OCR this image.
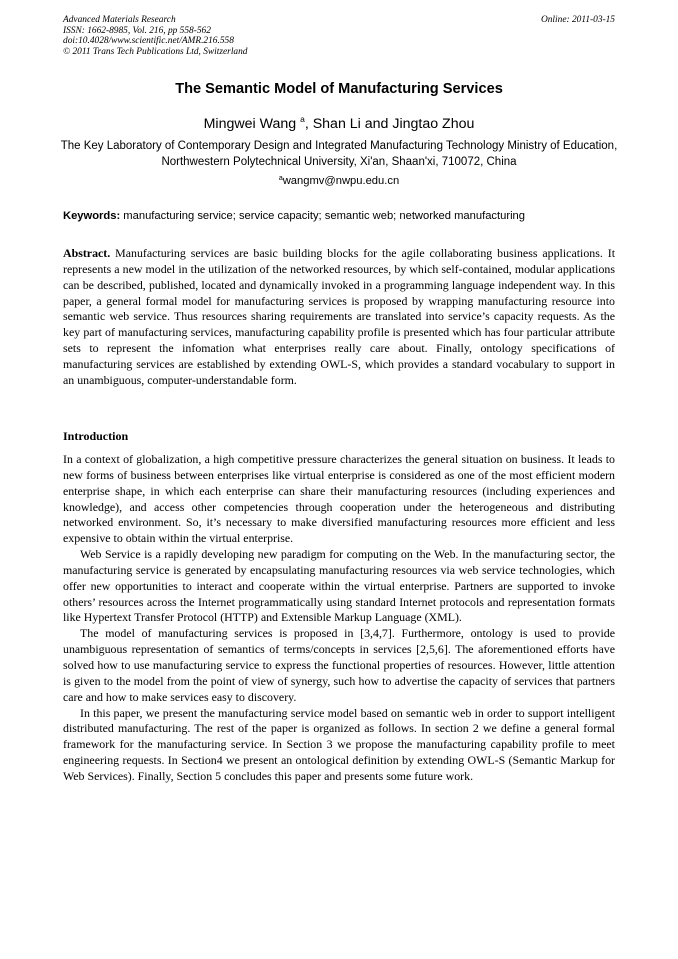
Advanced Materials Research
ISSN: 1662-8985, Vol. 216, pp 558-562
doi:10.4028/www.scientific.net/AMR.216.558
© 2011 Trans Tech Publications Ltd, Switzerland
Online: 2011-03-15
The Semantic Model of Manufacturing Services
Mingwei Wang $^a$, Shan Li and Jingtao Zhou
The Key Laboratory of Contemporary Design and Integrated Manufacturing Technology Ministry of Education, Northwestern Polytechnical University, Xi'an, Shaan'xi, 710072, China
$^a$wangmv@nwpu.edu.cn
Keywords: manufacturing service; service capacity; semantic web; networked manufacturing
Abstract. Manufacturing services are basic building blocks for the agile collaborating business applications. It represents a new model in the utilization of the networked resources, by which self-contained, modular applications can be described, published, located and dynamically invoked in a programming language independent way. In this paper, a general formal model for manufacturing services is proposed by wrapping manufacturing resource into semantic web service. Thus resources sharing requirements are translated into service’s capacity requests. As the key part of manufacturing services, manufacturing capability profile is presented which has four particular attribute sets to represent the infomation what enterprises really care about. Finally, ontology specifications of manufacturing services are established by extending OWL-S, which provides a standard vocabulary to support in an unambiguous, computer-understandable form.
Introduction

In a context of globalization, a high competitive pressure characterizes the general situation on business. It leads to new forms of business between enterprises like virtual enterprise is considered as one of the most efficient modern enterprise shape, in which each enterprise can share their manufacturing resources (including experiences and knowledge), and access other competencies through cooperation under the heterogeneous and distributing networked environment. So, it’s necessary to make diversified manufacturing resources more efficient and less expensive to obtain within the virtual enterprise.

Web Service is a rapidly developing new paradigm for computing on the Web. In the manufacturing sector, the manufacturing service is generated by encapsulating manufacturing resources via web service technologies, which offer new opportunities to interact and cooperate within the virtual enterprise. Partners are supported to invoke others’ resources across the Internet programmatically using standard Internet protocols and representation formats like Hypertext Transfer Protocol (HTTP) and Extensible Markup Language (XML).

The model of manufacturing services is proposed in [3,4,7]. Furthermore, ontology is used to provide unambiguous representation of semantics of terms/concepts in services [2,5,6]. The aforementioned efforts have solved how to use manufacturing service to express the functional properties of resources. However, little attention is given to the model from the point of view of synergy, such how to advertise the capacity of services that partners care and how to make services easy to discovery.

In this paper, we present the manufacturing service model based on semantic web in order to support intelligent distributed manufacturing. The rest of the paper is organized as follows. In section 2 we define a general formal framework for the manufacturing service. In Section 3 we propose the manufacturing capability profile to meet engineering requests. In Section4 we present an ontological definition by extending OWL-S (Semantic Markup for Web Services). Finally, Section 5 concludes this paper and presents some future work.
